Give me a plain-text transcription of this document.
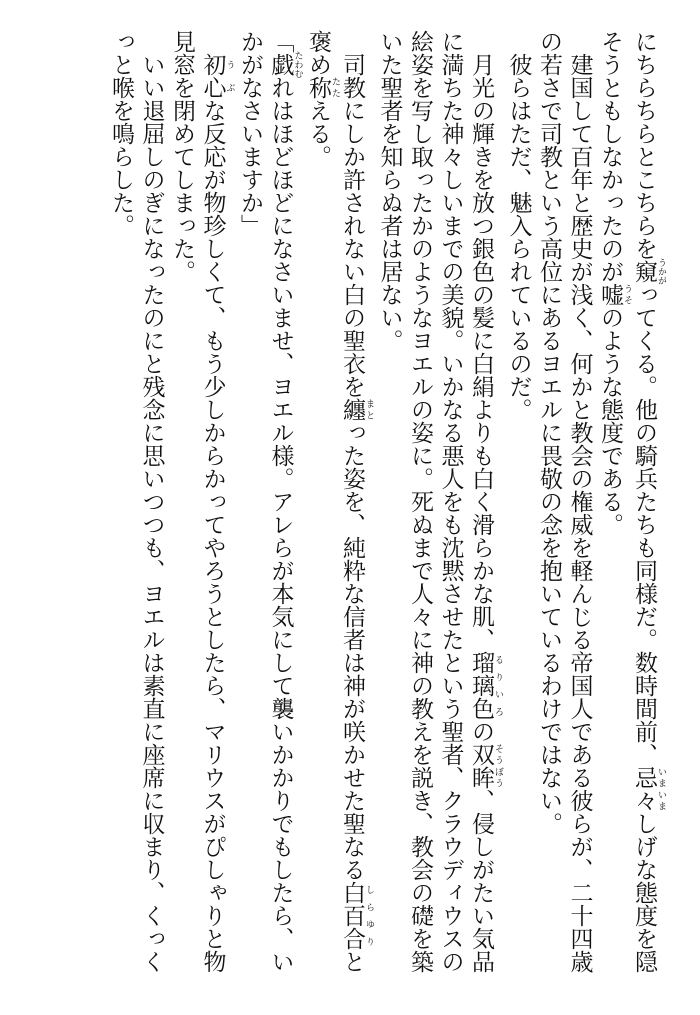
にちらちらとこちらを窺 うかがってくる。他の騎兵たちも同様だ。数時間前、忌々 いまいましげな態度を隠そうともしなかったのが嘘 うそのような態度である。

建国して百年と歴史が浅く、何かと教会の権威を軽んじる帝国人である彼らが、二十四歳の若さで司教という高位にあるヨエルに畏敬の念を抱いているわけではない。

彼らはただ、魅入られているのだ。

月光の輝きを放つ銀色の髪に白絹よりも白く滑らかな肌、瑠璃色 るりいろの双眸 そうぼう、侵しがたい気品に満ちた神々しいまでの美貌。いかなる悪人をも沈黙させたという聖者、クラウディウスの絵姿を写し取ったかのようなヨエルの姿に。死ぬまで人々に神の教えを説き、教会の礎を築いた聖者を知らぬ者は居ない。

司教にしか許されない白の聖衣を纏 まとった姿を、純粋な信者は神が咲かせた聖なる白百合 しらゆりと褒め称 たたえる。

「戯 たわむれはほどほどになさいませ、ヨエル様。アレらが本気にして襲いかかりでもしたら、いかがなさいますか」

初心 うぶな反応が物珍しくて、もう少しからかってやろうとしたら、マリウスがぴしゃりと物見窓を閉めてしまった。

いい退屈しのぎになったのにと残念に思いつつも、ヨエルは素直に座席に収まり、くっくっと喉を鳴らした。
